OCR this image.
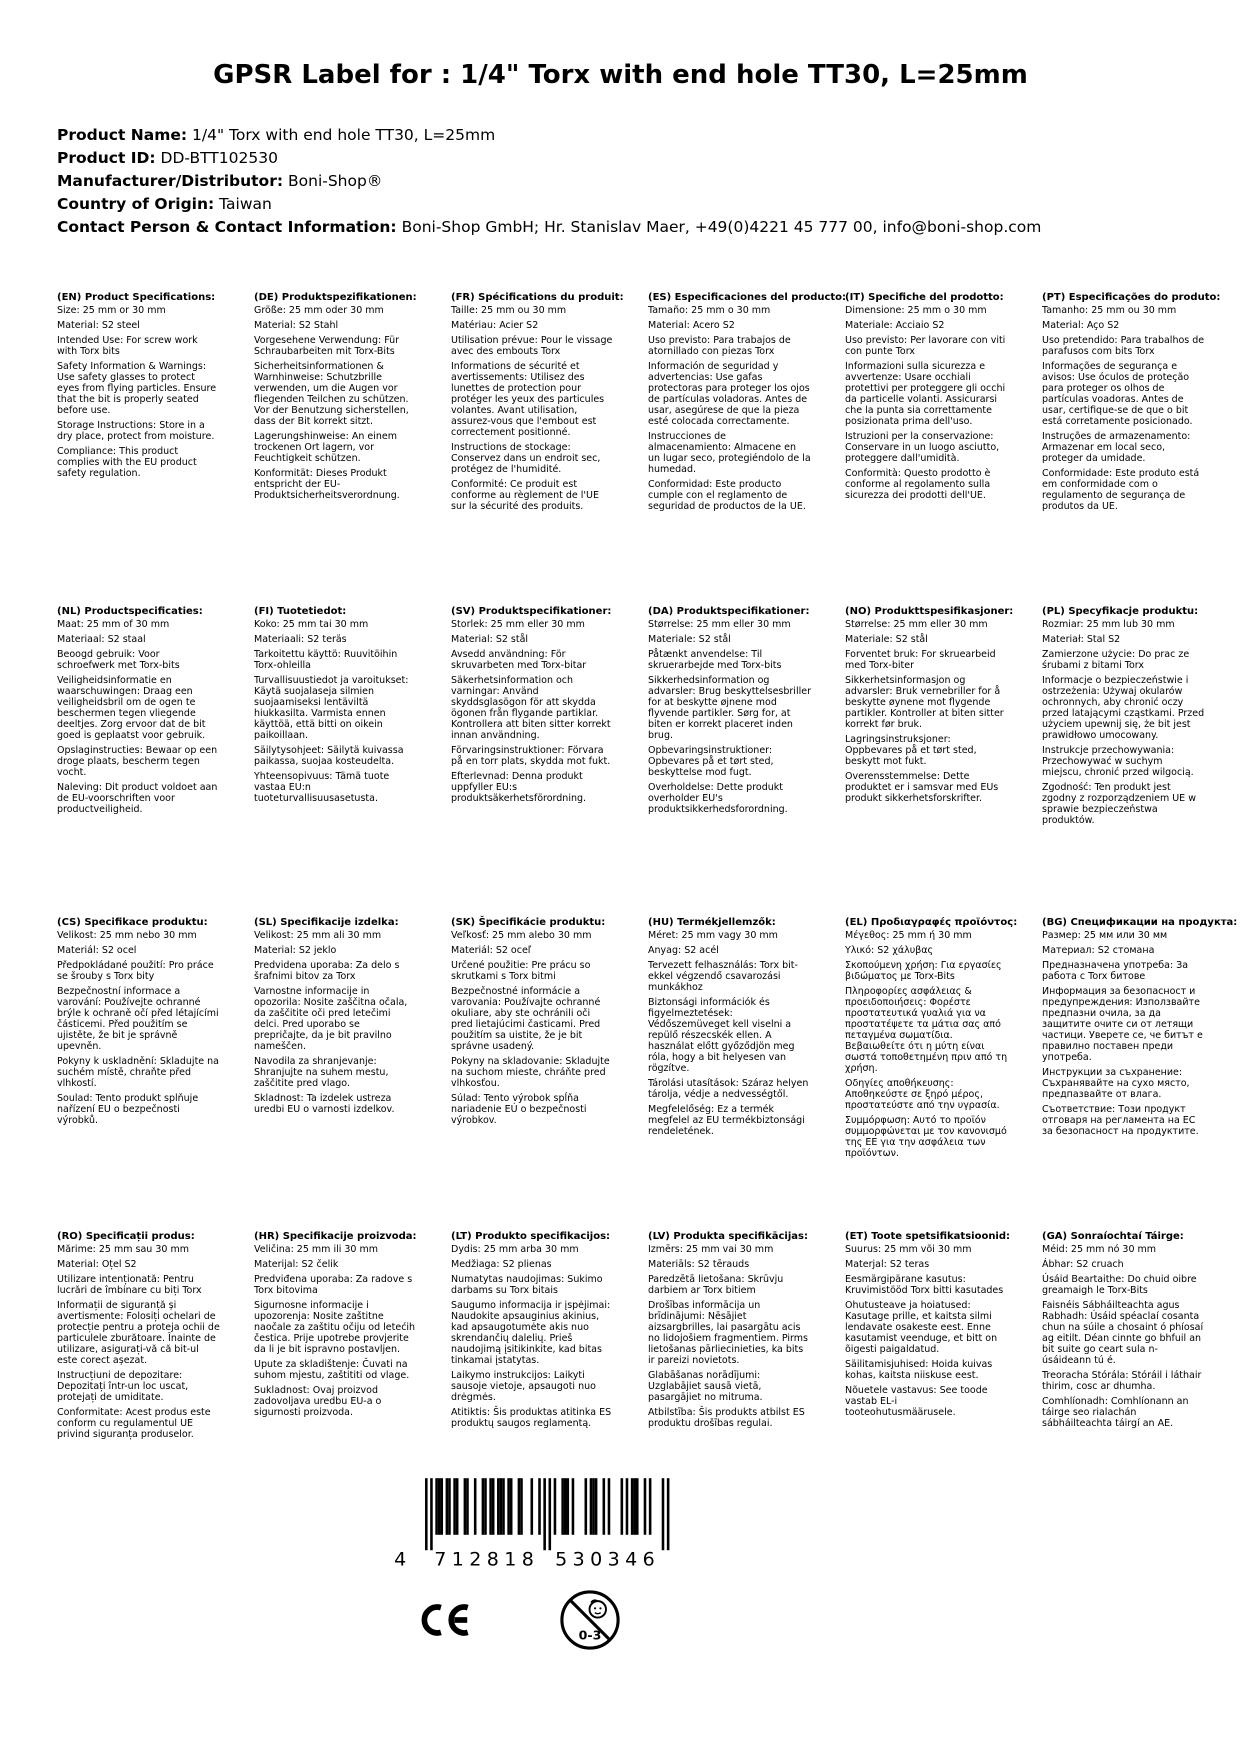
GPSR Label for : 1/4" Torx with end hole TT30, L=25mm
Product Name: 1/4" Torx with end hole TT30, L=25mm
Product ID: DD-BTT102530
Manufacturer/Distributor: Boni-Shop®
Country of Origin: Taiwan
Contact Person & Contact Information: Boni-Shop GmbH; Hr. Stanislav Maer, +49(0)4221 45 777 00, info@boni-shop.com
(EN) Product Specifications:

Size: 25 mm or 30 mm

Material: S2 steel

Intended Use: For screw work with Torx bits

Safety Information & Warnings: Use safety glasses to protect eyes from flying particles. Ensure that the bit is properly seated before use.

Storage Instructions: Store in a dry place, protect from moisture.

Compliance: This product complies with the EU product safety regulation.

(DE) Produktspezifikationen:

Größe: 25 mm oder 30 mm

Material: S2 Stahl

Vorgesehene Verwendung: Für Schraubarbeiten mit Torx-Bits

Sicherheitsinformationen & Warnhinweise: Schutzbrille verwenden, um die Augen vor fliegenden Teilchen zu schützen. Vor der Benutzung sicherstellen, dass der Bit korrekt sitzt.

Lagerungshinweise: An einem trockenen Ort lagern, vor Feuchtigkeit schützen.

Konformität: Dieses Produkt entspricht der EU-Produktsicherheitsverordnung.

(FR) Spécifications du produit:

Taille: 25 mm ou 30 mm

Matériau: Acier S2

Utilisation prévue: Pour le vissage avec des embouts Torx

Informations de sécurité et avertissements: Utilisez des lunettes de protection pour protéger les yeux des particules volantes. Avant utilisation, assurez-vous que l'embout est correctement positionné.

Instructions de stockage: Conservez dans un endroit sec, protégez de l'humidité.

Conformité: Ce produit est conforme au règlement de l'UE sur la sécurité des produits.

(ES) Especificaciones del producto:

Tamaño: 25 mm o 30 mm

Material: Acero S2

Uso previsto: Para trabajos de atornillado con piezas Torx

Información de seguridad y advertencias: Use gafas protectoras para proteger los ojos de partículas voladoras. Antes de usar, asegúrese de que la pieza esté colocada correctamente.

Instrucciones de almacenamiento: Almacene en un lugar seco, protegiéndolo de la humedad.

Conformidad: Este producto cumple con el reglamento de seguridad de productos de la UE.

(IT) Specifiche del prodotto:

Dimensione: 25 mm o 30 mm

Materiale: Acciaio S2

Uso previsto: Per lavorare con viti con punte Torx

Informazioni sulla sicurezza e avvertenze: Usare occhiali protettivi per proteggere gli occhi da particelle volanti. Assicurarsi che la punta sia correttamente posizionata prima dell'uso.

Istruzioni per la conservazione: Conservare in un luogo asciutto, proteggere dall'umidità.

Conformità: Questo prodotto è conforme al regolamento sulla sicurezza dei prodotti dell'UE.

(PT) Especificações do produto:

Tamanho: 25 mm ou 30 mm

Material: Aço S2

Uso pretendido: Para trabalhos de parafusos com bits Torx

Informações de segurança e avisos: Use óculos de proteção para proteger os olhos de partículas voadoras. Antes de usar, certifique-se de que o bit está corretamente posicionado.

Instruções de armazenamento: Armazenar em local seco, proteger da umidade.

Conformidade: Este produto está em conformidade com o regulamento de segurança de produtos da UE.

(NL) Productspecificaties:

Maat: 25 mm of 30 mm

Materiaal: S2 staal

Beoogd gebruik: Voor schroefwerk met Torx-bits

Veiligheidsinformatie en waarschuwingen: Draag een veiligheidsbril om de ogen te beschermen tegen vliegende deeltjes. Zorg ervoor dat de bit goed is geplaatst voor gebruik.

Opslaginstructies: Bewaar op een droge plaats, bescherm tegen vocht.

Naleving: Dit product voldoet aan de EU-voorschriften voor productveiligheid.

(FI) Tuotetiedot:

Koko: 25 mm tai 30 mm

Materiaali: S2 teräs

Tarkoitettu käyttö: Ruuvitöihin Torx-ohleilla

Turvallisuustiedot ja varoitukset: Käytä suojalaseja silmien suojaamiseksi lentäviltä hiukkasilta. Varmista ennen käyttöä, että bitti on oikein paikoillaan.

Säilytysohjeet: Säilytä kuivassa paikassa, suojaa kosteudelta.

Yhteensopivuus: Tämä tuote vastaa EU:n tuoteturvallisuusasetusta.

(SV) Produktspecifikationer:

Storlek: 25 mm eller 30 mm

Material: S2 stål

Avsedd användning: För skruvarbeten med Torx-bitar

Säkerhetsinformation och varningar: Använd skyddsglasögon för att skydda ögonen från flygande partiklar. Kontrollera att biten sitter korrekt innan användning.

Förvaringsinstruktioner: Förvara på en torr plats, skydda mot fukt.

Efterlevnad: Denna produkt uppfyller EU:s produktsäkerhetsförordning.

(DA) Produktspecifikationer:

Størrelse: 25 mm eller 30 mm

Materiale: S2 stål

Påtænkt anvendelse: Til skruerarbejde med Torx-bits

Sikkerhedsinformation og advarsler: Brug beskyttelsesbriller for at beskytte øjnene mod flyvende partikler. Sørg for, at biten er korrekt placeret inden brug.

Opbevaringsinstruktioner: Opbevares på et tørt sted, beskyttelse mod fugt.

Overholdelse: Dette produkt overholder EU's produktsikkerhedsforordning.

(NO) Produkttspesifikasjoner:

Størrelse: 25 mm eller 30 mm

Materiale: S2 stål

Forventet bruk: For skruearbeid med Torx-biter

Sikkerhetsinformasjon og advarsler: Bruk vernebriller for å beskytte øynene mot flygende partikler. Kontroller at biten sitter korrekt før bruk.

Lagringsinstruksjoner: Oppbevares på et tørt sted, beskytt mot fukt.

Overensstemmelse: Dette produktet er i samsvar med EUs produkt sikkerhetsforskrifter.

(PL) Specyfikacje produktu:

Rozmiar: 25 mm lub 30 mm

Materiał: Stal S2

Zamierzone użycie: Do prac ze śrubami z bitami Torx

Informacje o bezpieczeństwie i ostrzeżenia: Używaj okularów ochronnych, aby chronić oczy przed latającymi cząstkami. Przed użyciem upewnij się, że bit jest prawidłowo umocowany.

Instrukcje przechowywania: Przechowywać w suchym miejscu, chronić przed wilgocią.

Zgodność: Ten produkt jest zgodny z rozporządzeniem UE w sprawie bezpieczeństwa produktów.

(CS) Specifikace produktu:

Velikost: 25 mm nebo 30 mm

Materiál: S2 ocel

Předpokládané použití: Pro práce se šrouby s Torx bity

Bezpečnostní informace a varování: Používejte ochranné brýle k ochraně očí před létajícími částicemi. Před použitím se ujistěte, že bit je správně upevněn.

Pokyny k uskladnění: Skladujte na suchém místě, chraňte před vlhkostí.

Soulad: Tento produkt splňuje nařízení EU o bezpečnosti výrobků.

(SL) Specifikacije izdelka:

Velikost: 25 mm ali 30 mm

Material: S2 jeklo

Predvidena uporaba: Za delo s šrafnimi bitov za Torx

Varnostne informacije in opozorila: Nosite zaščitna očala, da zaščitite oči pred letečimi delci. Pred uporabo se prepričajte, da je bit pravilno nameščen.

Navodila za shranjevanje: Shranjujte na suhem mestu, zaščitite pred vlago.

Skladnost: Ta izdelek ustreza uredbi EU o varnosti izdelkov.

(SK) Špecifikácie produktu:

Veľkosť: 25 mm alebo 30 mm

Materiál: S2 oceľ

Určené použitie: Pre prácu so skrutkami s Torx bitmi

Bezpečnostné informácie a varovania: Používajte ochranné okuliare, aby ste ochránili oči pred lietajúcimi časticami. Pred použitím sa uistite, že je bit správne usadený.

Pokyny na skladovanie: Skladujte na suchom mieste, chráňte pred vlhkosťou.

Súlad: Tento výrobok spĺňa nariadenie EÚ o bezpečnosti výrobkov.

(HU) Termékjellemzők:

Méret: 25 mm vagy 30 mm

Anyag: S2 acél

Tervezett felhasználás: Torx bit-ekkel végzendő csavarozási munkákhoz

Biztonsági információk és figyelmeztetések: Védőszemüveget kell viselni a repülő részecskék ellen. A használat előtt győződjön meg róla, hogy a bit helyesen van rögzítve.

Tárolási utasítások: Száraz helyen tárolja, védje a nedvességtől.

Megfelelőség: Ez a termék megfelel az EU termékbiztonsági rendeletének.

(EL) Προδιαγραφές προϊόντος:

Μέγεθος: 25 mm ή 30 mm

Υλικό: S2 χάλυβας

Σκοπούμενη χρήση: Για εργασίες βιδώματος με Torx-Bits

Πληροφορίες ασφάλειας & προειδοποιήσεις: Φορέστε προστατευτικά γυαλιά για να προστατέψετε τα μάτια σας από πεταγμένα σωματίδια. Βεβαιωθείτε ότι η μύτη είναι σωστά τοποθετημένη πριν από τη χρήση.

Οδηγίες αποθήκευσης: Αποθηκεύστε σε ξηρό μέρος, προστατεύστε από την υγρασία.

Συμμόρφωση: Αυτό το προϊόν συμμορφώνεται με τον κανονισμό της ΕΕ για την ασφάλεια των προϊόντων.

(BG) Спецификации на продукта:

Размер: 25 мм или 30 мм

Материал: S2 стомана

Предназначена употреба: За работа с Torx битове

Информация за безопасност и предупреждения: Използвайте предпазни очила, за да защитите очите си от летящи частици. Уверете се, че битът е правилно поставен преди употреба.

Инструкции за съхранение: Съхранявайте на сухо място, предпазвайте от влага.

Съответствие: Този продукт отговаря на регламента на ЕС за безопасност на продуктите.

(RO) Specificații produs:

Mărime: 25 mm sau 30 mm

Material: Oțel S2

Utilizare intenționată: Pentru lucrări de îmbinare cu biți Torx

Informații de siguranță și avertismente: Folosiți ochelari de protecție pentru a proteja ochii de particulele zburătoare. Înainte de utilizare, asigurați-vă că bit-ul este corect așezat.

Instrucțiuni de depozitare: Depozitați într-un loc uscat, protejați de umiditate.

Conformitate: Acest produs este conform cu regulamentul UE privind siguranța produselor.

(HR) Specifikacije proizvoda:

Veličina: 25 mm ili 30 mm

Materijal: S2 čelik

Predviđena uporaba: Za radove s Torx bitovima

Sigurnosne informacije i upozorenja: Nosite zaštitne naočale za zaštitu očiju od letećih čestica. Prije upotrebe provjerite da li je bit ispravno postavljen.

Upute za skladištenje: Čuvati na suhom mjestu, zaštititi od vlage.

Sukladnost: Ovaj proizvod zadovoljava uredbu EU-a o sigurnosti proizvoda.

(LT) Produkto specifikacijos:

Dydis: 25 mm arba 30 mm

Medžiaga: S2 plienas

Numatytas naudojimas: Sukimo darbams su Torx bitais

Saugumo informacija ir įspėjimai: Naudokite apsauginius akinius, kad apsaugotumėte akis nuo skrendančių dalelių. Prieš naudojimą įsitikinkite, kad bitas tinkamai įstatytas.

Laikymo instrukcijos: Laikyti sausoje vietoje, apsaugoti nuo drėgmės.

Atitiktis: Šis produktas atitinka ES produktų saugos reglamentą.

(LV) Produkta specifikācijas:

Izmērs: 25 mm vai 30 mm

Materiāls: S2 tērauds

Paredzētā lietošana: Skrūvju darbiem ar Torx bitiem

Drošības informācija un brīdinājumi: Nēsājiet aizsargbrilles, lai pasargātu acis no lidojošiem fragmentiem. Pirms lietošanas pārliecinieties, ka bits ir pareizi novietots.

Glabāšanas norādījumi: Uzglabājiet sausā vietā, pasargājiet no mitruma.

Atbilstība: Šis produkts atbilst ES produktu drošības regulai.

(ET) Toote spetsifikatsioonid:

Suurus: 25 mm või 30 mm

Materjal: S2 teras

Eesmärgipärane kasutus: Kruvimistööd Torx bitti kasutades

Ohutusteave ja hoiatused: Kasutage prille, et kaitsta silmi lendavate osakeste eest. Enne kasutamist veenduge, et bitt on õigesti paigaldatud.

Säilitamisjuhised: Hoida kuivas kohas, kaitsta niiskuse eest.

Nõuetele vastavus: See toode vastab EL-i tooteohutusmäärusele.

(GA) Sonraíochtaí Táirge:

Méid: 25 mm nó 30 mm

Ábhar: S2 cruach

Úsáid Beartaithe: Do chuid oibre greamaigh le Torx-Bits

Faisnéis Sábháilteachta agus Rabhadh: Úsáid spéaclaí cosanta chun na súile a chosaint ó phíosaí ag eitilt. Déan cinnte go bhfuil an bit suite go ceart sula n-úsáideann tú é.

Treoracha Stórála: Stóráil i láthair thirim, cosc ar dhumha.

Comhlíonadh: Comhlíonann an táirge seo rialachán sábháilteachta táirgí an AE.

4	712818 530346
0-3
